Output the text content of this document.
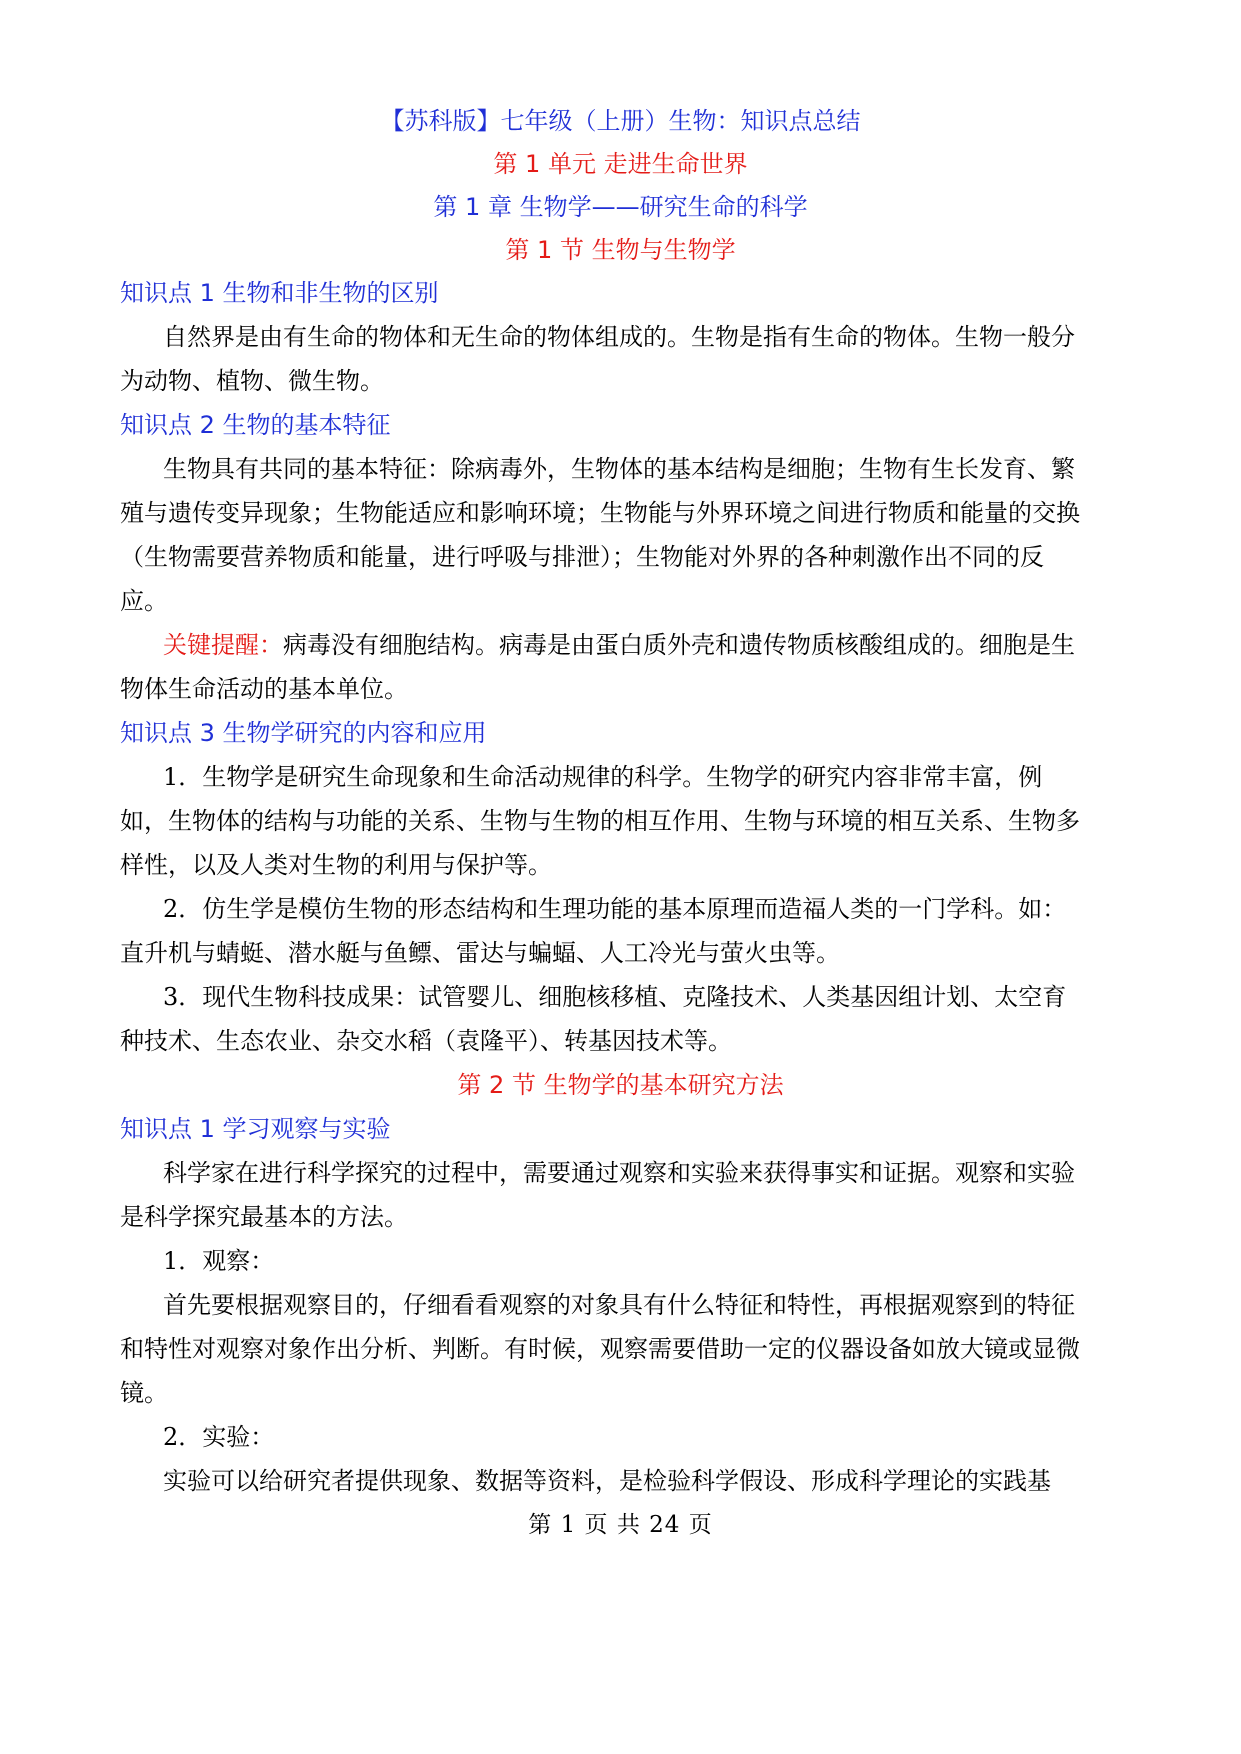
【苏科版】七年级（上册）生物：知识点总结
第 1 单元 走进生命世界
第 1 章 生物学——研究生命的科学
第 1 节 生物与生物学
知识点 1 生物和非生物的区别
自然界是由有生命的物体和无生命的物体组成的。生物是指有生命的物体。生物一般分
为动物、植物、微生物。
知识点 2 生物的基本特征
生物具有共同的基本特征：除病毒外，生物体的基本结构是细胞；生物有生长发育、繁
殖与遗传变异现象；生物能适应和影响环境；生物能与外界环境之间进行物质和能量的交换
（生物需要营养物质和能量，进行呼吸与排泄）；生物能对外界的各种刺激作出不同的反
应。
关键提醒：病毒没有细胞结构。病毒是由蛋白质外壳和遗传物质核酸组成的。细胞是生
物体生命活动的基本单位。
知识点 3 生物学研究的内容和应用
1．生物学是研究生命现象和生命活动规律的科学。生物学的研究内容非常丰富，例
如，生物体的结构与功能的关系、生物与生物的相互作用、生物与环境的相互关系、生物多
样性，以及人类对生物的利用与保护等。
2．仿生学是模仿生物的形态结构和生理功能的基本原理而造福人类的一门学科。如：
直升机与蜻蜓、潜水艇与鱼鳔、雷达与蝙蝠、人工冷光与萤火虫等。
3．现代生物科技成果：试管婴儿、细胞核移植、克隆技术、人类基因组计划、太空育
种技术、生态农业、杂交水稻（袁隆平）、转基因技术等。
第 2 节 生物学的基本研究方法
知识点 1 学习观察与实验
科学家在进行科学探究的过程中，需要通过观察和实验来获得事实和证据。观察和实验
是科学探究最基本的方法。
1．观察：
首先要根据观察目的，仔细看看观察的对象具有什么特征和特性，再根据观察到的特征
和特性对观察对象作出分析、判断。有时候，观察需要借助一定的仪器设备如放大镜或显微
镜。
2．实验：
实验可以给研究者提供现象、数据等资料，是检验科学假设、形成科学理论的实践基
第 1 页 共 24 页
